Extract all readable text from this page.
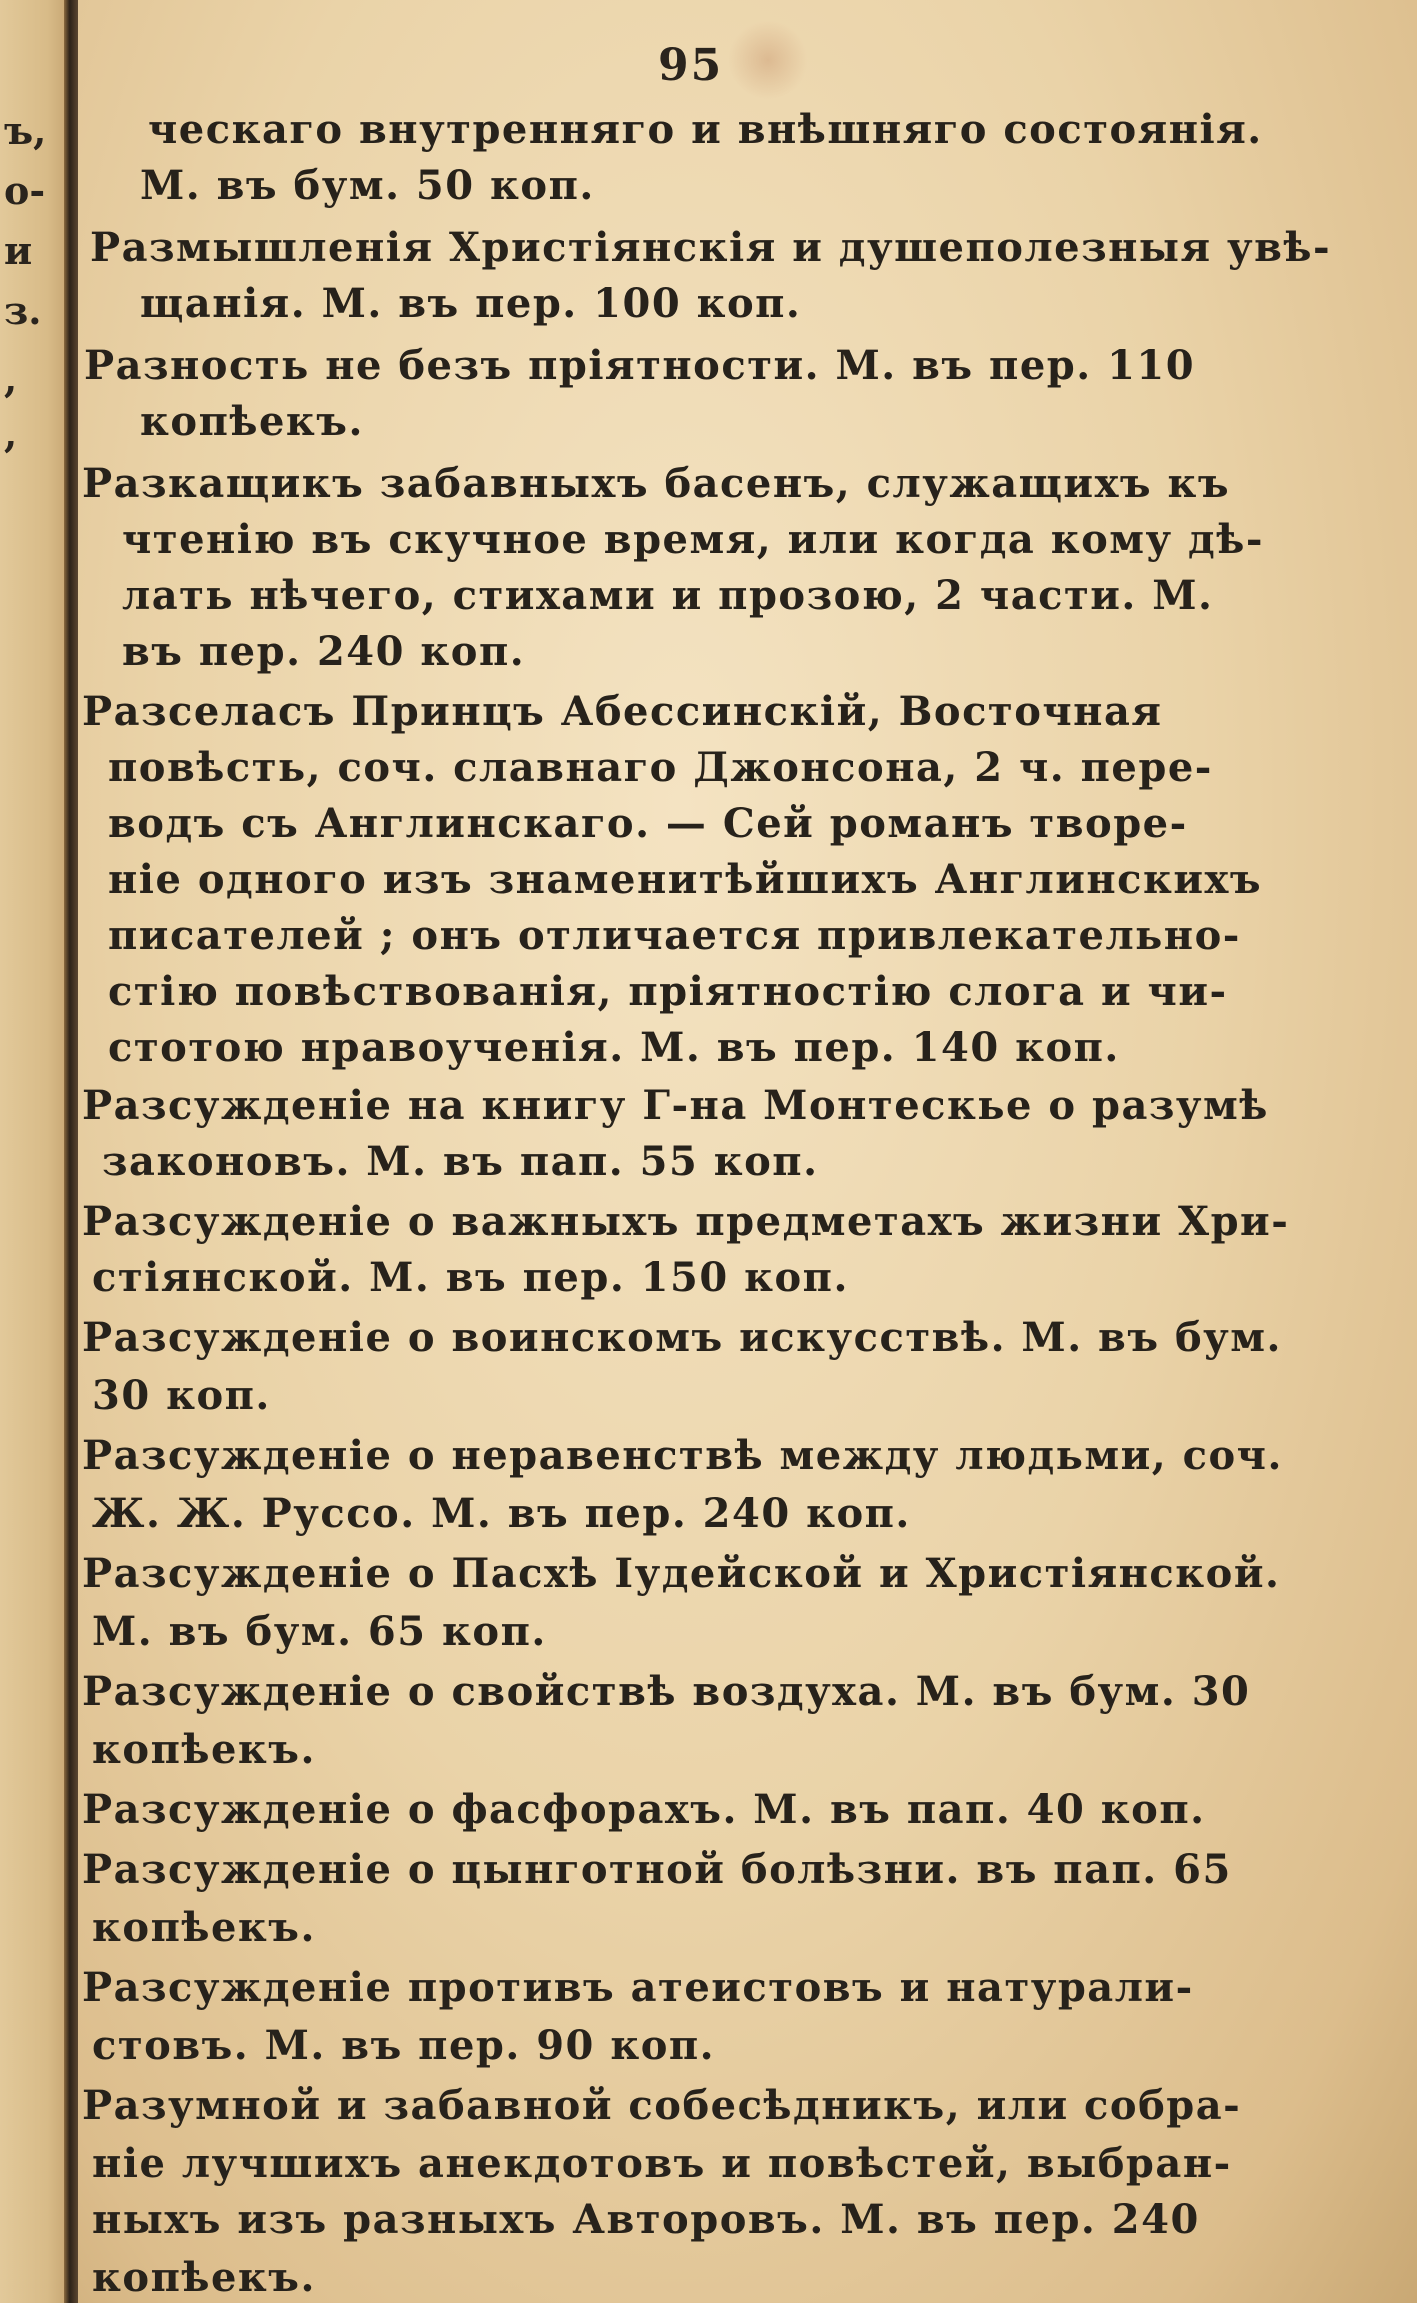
ъ,
о-
и
з.
,
,
95
ческаго внутренняго и внѣшняго состоянія.
М. въ бум. 50 коп.
Размышленія Христіянскія и душеполезныя увѣ-
щанія. М. въ пер. 100 коп.
Разность не безъ пріятности. М. въ пер. 110
копѣекъ.
Разкащикъ забавныхъ басенъ, служащихъ къ
чтенію въ скучное время, или когда кому дѣ-
лать нѣчего, стихами и прозою, 2 части. М.
въ пер. 240 коп.
Разселасъ Принцъ Абессинскій, Восточная
повѣсть, соч. славнаго Джонсона, 2 ч. пере-
водъ съ Англинскаго. — Сей романъ творе-
ніе одного изъ знаменитѣйшихъ Англинскихъ
писателей ; онъ отличается привлекательно-
стію повѣствованія, пріятностію слога и чи-
стотою нравоученія. М. въ пер. 140 коп.
Разсужденіе на книгу Г-на Монтескье о разумѣ
законовъ. М. въ пап. 55 коп.
Разсужденіе о важныхъ предметахъ жизни Хри-
стіянской. М. въ пер. 150 коп.
Разсужденіе о воинскомъ искусствѣ. М. въ бум.
30 коп.
Разсужденіе о неравенствѣ между людьми, соч.
Ж. Ж. Руссо. М. въ пер. 240 коп.
Разсужденіе о Пасхѣ Іудейской и Христіянской.
М. въ бум. 65 коп.
Разсужденіе о свойствѣ воздуха. М. въ бум. 30
копѣекъ.
Разсужденіе о фасфорахъ. М. въ пап. 40 коп.
Разсужденіе о цынготной болѣзни. въ пап. 65
копѣекъ.
Разсужденіе противъ атеистовъ и натурали-
стовъ. М. въ пер. 90 коп.
Разумной и забавной собесѣдникъ, или собра-
ніе лучшихъ анекдотовъ и повѣстей, выбран-
ныхъ изъ разныхъ Авторовъ. М. въ пер. 240
копѣекъ.
